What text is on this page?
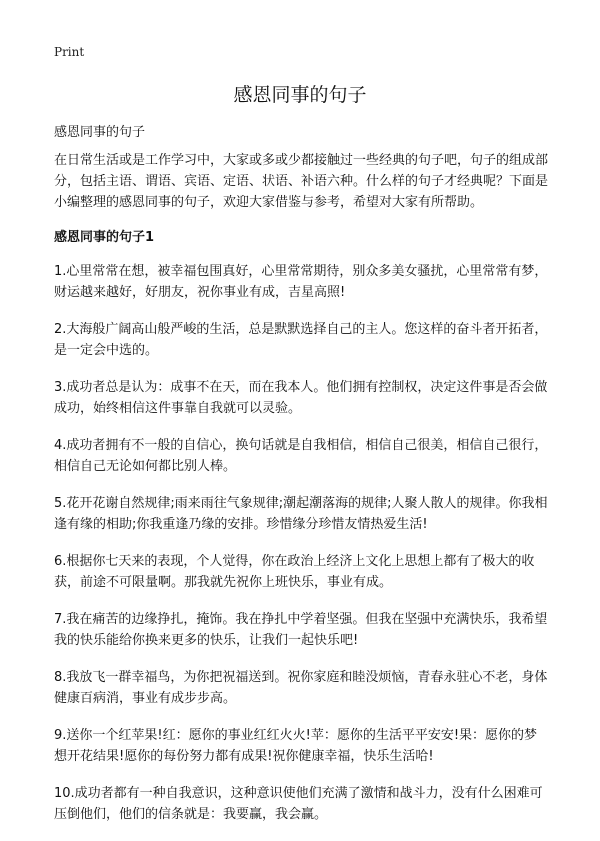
Print
感恩同事的句子

感恩同事的句子

在日常生活或是工作学习中，大家或多或少都接触过一些经典的句子吧，句子的组成部分，包括主语、谓语、宾语、定语、状语、补语六种。什么样的句子才经典呢？下面是小编整理的感恩同事的句子，欢迎大家借鉴与参考，希望对大家有所帮助。

感恩同事的句子1

1.心里常常在想，被幸福包围真好，心里常常期待，别众多美女骚扰，心里常常有梦，财运越来越好，好朋友，祝你事业有成，吉星高照!

2.大海般广阔高山般严峻的生活，总是默默选择自己的主人。您这样的奋斗者开拓者，是一定会中选的。

3.成功者总是认为：成事不在天，而在我本人。他们拥有控制权，决定这件事是否会做成功，始终相信这件事靠自我就可以灵验。

4.成功者拥有不一般的自信心，换句话就是自我相信，相信自己很美，相信自己很行，相信自己无论如何都比别人棒。

5.花开花谢自然规律;雨来雨往气象规律;潮起潮落海的规律;人聚人散人的规律。你我相逢有缘的相助;你我重逢乃缘的安排。珍惜缘分珍惜友情热爱生活!

6.根据你七天来的表现，个人觉得，你在政治上经济上文化上思想上都有了极大的收获，前途不可限量啊。那我就先祝你上班快乐，事业有成。

7.我在痛苦的边缘挣扎，掩饰。我在挣扎中学着坚强。但我在坚强中充满快乐，我希望我的快乐能给你换来更多的快乐，让我们一起快乐吧!

8.我放飞一群幸福鸟，为你把祝福送到。祝你家庭和睦没烦恼，青春永驻心不老，身体健康百病消，事业有成步步高。

9.送你一个红苹果!红：愿你的事业红红火火!苹：愿你的生活平平安安!果：愿你的梦想开花结果!愿你的每份努力都有成果!祝你健康幸福，快乐生活哈!

10.成功者都有一种自我意识，这种意识使他们充满了激情和战斗力，没有什么困难可压倒他们，他们的信条就是：我要赢，我会赢。
